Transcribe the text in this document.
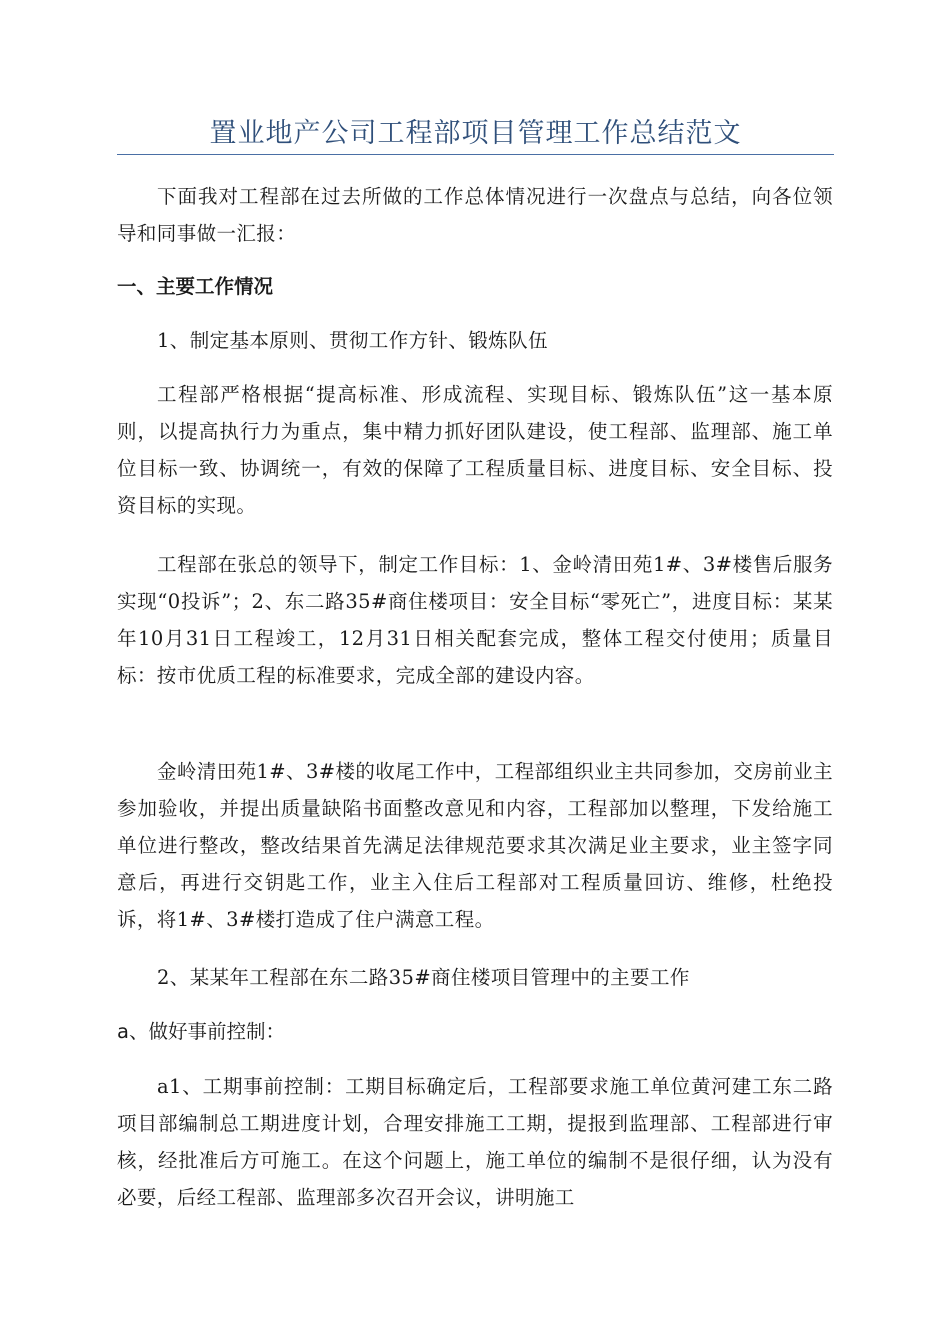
置业地产公司工程部项目管理工作总结范文

下面我对工程部在过去所做的工作总体情况进行一次盘点与总结，向各位领导和同事做一汇报：

一、主要工作情况

1、制定基本原则、贯彻工作方针、锻炼队伍

工程部严格根据“提高标准、形成流程、实现目标、锻炼队伍”这一基本原则，以提高执行力为重点，集中精力抓好团队建设，使工程部、监理部、施工单位目标一致、协调统一，有效的保障了工程质量目标、进度目标、安全目标、投资目标的实现。

工程部在张总的领导下，制定工作目标：1、金岭清田苑1#、3#楼售后服务实现“0投诉”；2、东二路35#商住楼项目：安全目标“零死亡”，进度目标：某某年10月31日工程竣工，12月31日相关配套完成，整体工程交付使用；质量目标：按市优质工程的标准要求，完成全部的建设内容。

金岭清田苑1#、3#楼的收尾工作中，工程部组织业主共同参加，交房前业主参加验收，并提出质量缺陷书面整改意见和内容，工程部加以整理，下发给施工单位进行整改，整改结果首先满足法律规范要求其次满足业主要求，业主签字同意后，再进行交钥匙工作，业主入住后工程部对工程质量回访、维修，杜绝投诉，将1#、3#楼打造成了住户满意工程。

2、某某年工程部在东二路35#商住楼项目管理中的主要工作

a、做好事前控制：

a1、工期事前控制：工期目标确定后，工程部要求施工单位黄河建工东二路项目部编制总工期进度计划，合理安排施工工期，提报到监理部、工程部进行审核，经批准后方可施工。在这个问题上，施工单位的编制不是很仔细，认为没有必要，后经工程部、监理部多次召开会议，讲明施工
